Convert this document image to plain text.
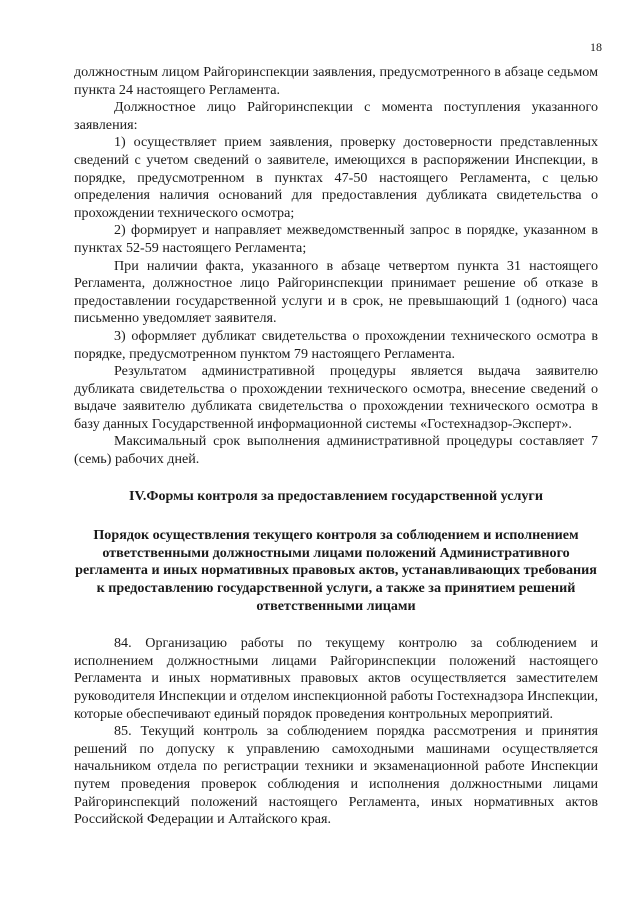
18

должностным лицом Райгоринспекции заявления, предусмотренного в абзаце седьмом пункта 24 настоящего Регламента.

Должностное лицо Райгоринспекции с момента поступления указанного заявления:

1) осуществляет прием заявления, проверку достоверности представленных сведений с учетом сведений о заявителе, имеющихся в распоряжении Инспекции, в порядке, предусмотренном в пунктах 47-50 настоящего Регламента, с целью определения наличия оснований для предоставления дубликата свидетельства о прохождении технического осмотра;

2) формирует и направляет межведомственный запрос в порядке, указанном в пунктах 52-59 настоящего Регламента;

При наличии факта, указанного в абзаце четвертом пункта 31 настоящего Регламента, должностное лицо Райгоринспекции принимает решение об отказе в предоставлении государственной услуги и в срок, не превышающий 1 (одного) часа письменно уведомляет заявителя.

3) оформляет дубликат свидетельства о прохождении технического осмотра в порядке, предусмотренном пунктом 79 настоящего Регламента.

Результатом административной процедуры является выдача заявителю дубликата свидетельства о прохождении технического осмотра, внесение сведений о выдаче заявителю дубликата свидетельства о прохождении технического осмотра в базу данных Государственной информационной системы «Гостехнадзор-Эксперт».

Максимальный срок выполнения административной процедуры составляет 7 (семь) рабочих дней.

IV.Формы контроля за предоставлением государственной услуги

Порядок осуществления текущего контроля за соблюдением и исполнением ответственными должностными лицами положений Административного регламента и иных нормативных правовых актов, устанавливающих требования к предоставлению государственной услуги, а также за принятием решений ответственными лицами

84. Организацию работы по текущему контролю за соблюдением и исполнением должностными лицами Райгоринспекции положений настоящего Регламента и иных нормативных правовых актов осуществляется заместителем руководителя Инспекции и отделом инспекционной работы Гостехнадзора Инспекции, которые обеспечивают единый порядок проведения контрольных мероприятий.

85. Текущий контроль за соблюдением порядка рассмотрения и принятия решений по допуску к управлению самоходными машинами осуществляется начальником отдела по регистрации техники и экзаменационной работе Инспекции путем проведения проверок соблюдения и исполнения должностными лицами Райгоринспекций положений настоящего Регламента, иных нормативных актов Российской Федерации и Алтайского края.
